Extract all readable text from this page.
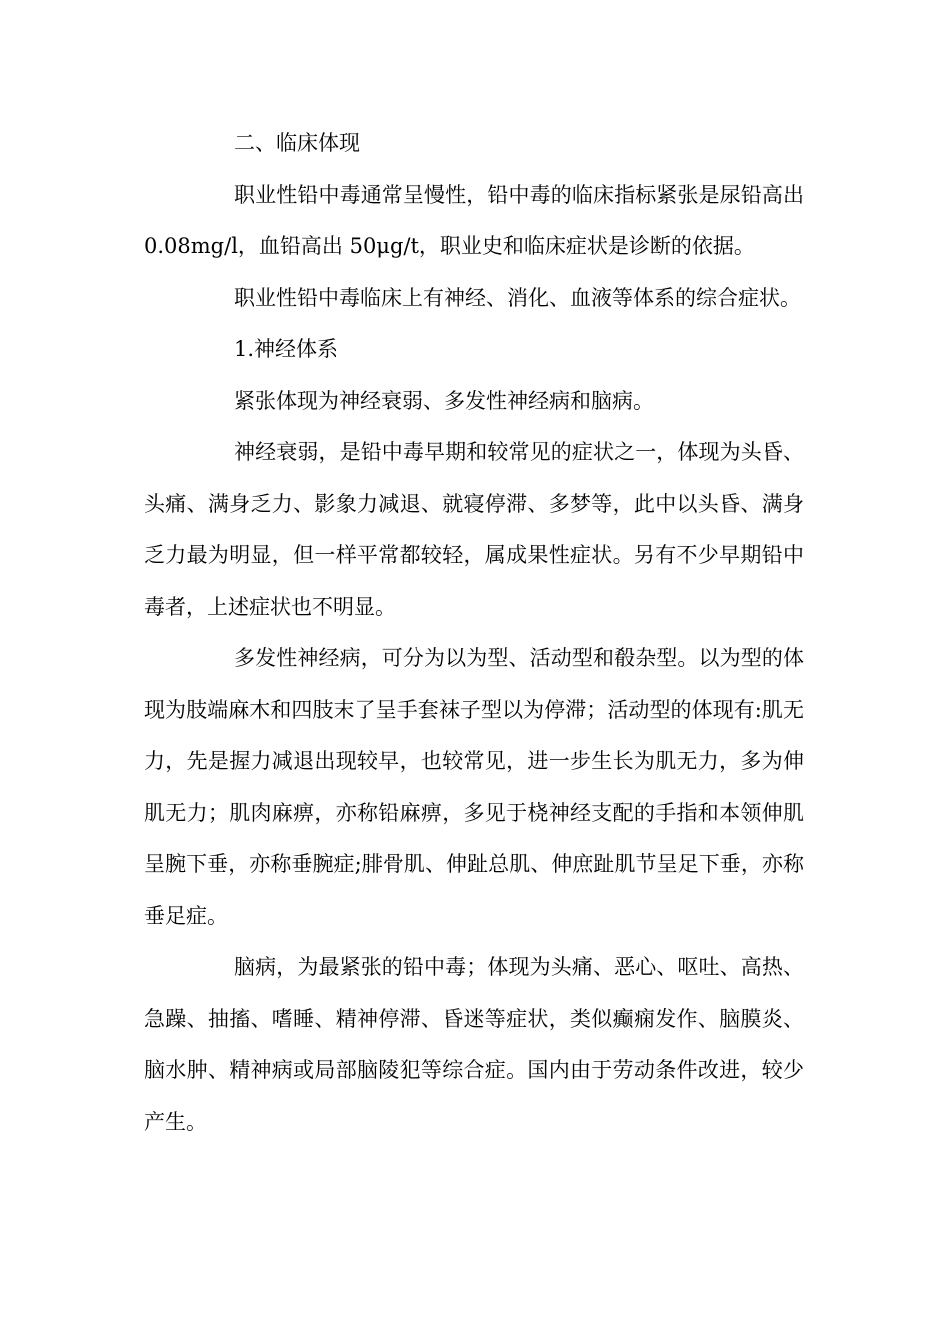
二、临床体现

职业性铅中毒通常呈慢性，铅中毒的临床指标紧张是尿铅高出 0.08mg/l，血铅高出 50μg/t，职业史和临床症状是诊断的依据。

职业性铅中毒临床上有神经、消化、血液等体系的综合症状。

1.神经体系

紧张体现为神经衰弱、多发性神经病和脑病。

神经衰弱，是铅中毒早期和较常见的症状之一，体现为头昏、头痛、满身乏力、影象力减退、就寝停滞、多梦等，此中以头昏、满身乏力最为明显，但一样平常都较轻，属成果性症状。另有不少早期铅中毒者，上述症状也不明显。

多发性神经病，可分为以为型、活动型和殽杂型。以为型的体现为肢端麻木和四肢末了呈手套袜子型以为停滞；活动型的体现有:肌无力，先是握力减退出现较早，也较常见，进一步生长为肌无力，多为伸肌无力；肌肉麻痹，亦称铅麻痹，多见于桡神经支配的手指和本领伸肌呈腕下垂，亦称垂腕症;腓骨肌、伸趾总肌、伸庶趾肌节呈足下垂，亦称垂足症。

脑病，为最紧张的铅中毒；体现为头痛、恶心、呕吐、高热、急躁、抽搐、嗜睡、精神停滞、昏迷等症状，类似癫痫发作、脑膜炎、脑水肿、精神病或局部脑陵犯等综合症。国内由于劳动条件改进，较少产生。
